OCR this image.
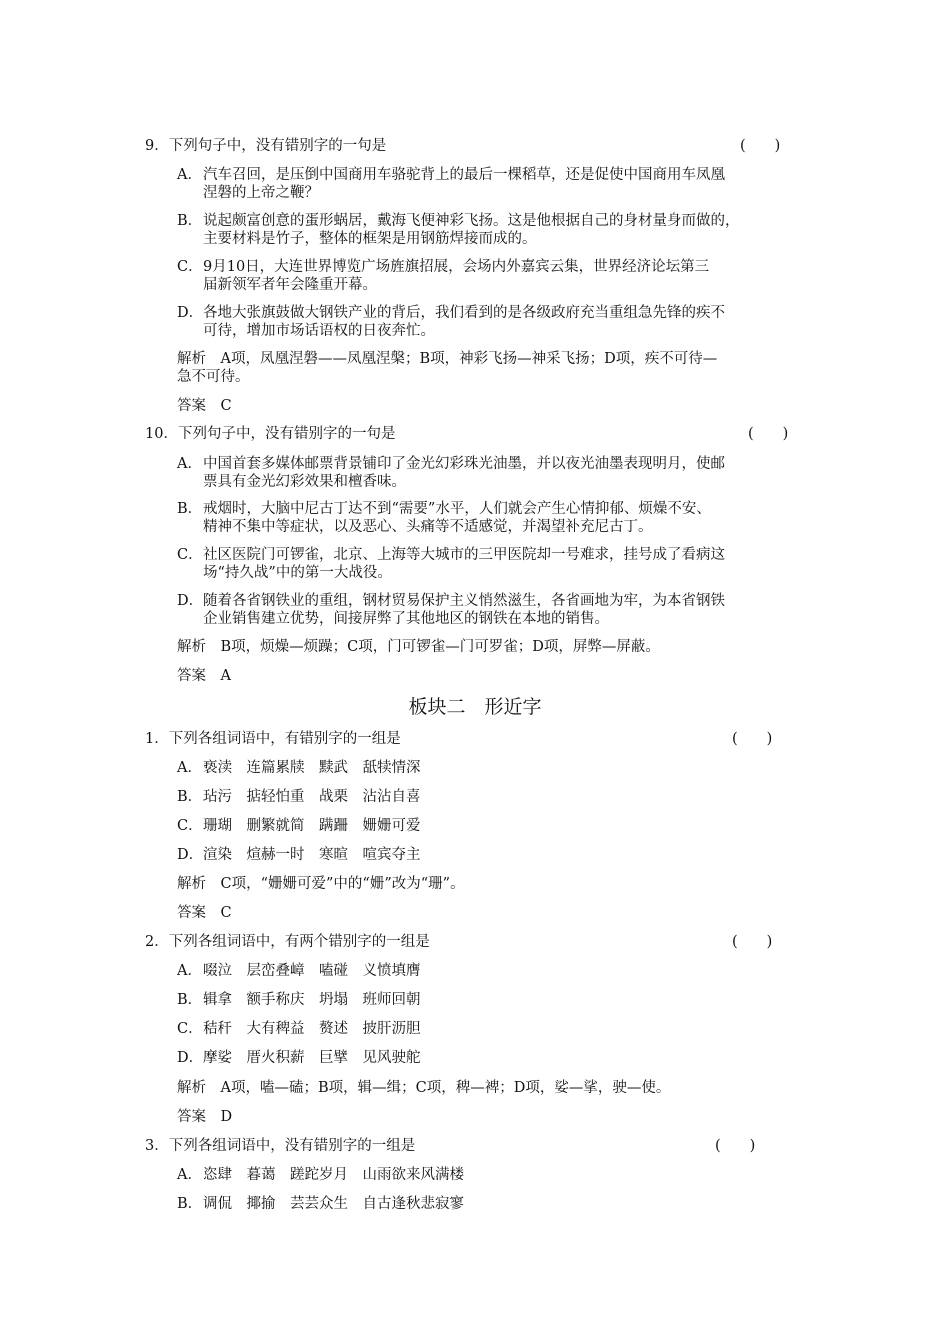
9．下列句子中，没有错别字的一句是	(　　)
A．汽车召回，是压倒中国商用车骆驼背上的最后一棵稻草，还是促使中国商用车凤凰
涅磐的上帝之鞭？
B．说起颇富创意的蛋形蜗居，戴海飞便神彩飞扬。这是他根据自己的身材量身而做的，
主要材料是竹子，整体的框架是用钢筋焊接而成的。
C．9月10日，大连世界博览广场旌旗招展，会场内外嘉宾云集，世界经济论坛第三
届新领军者年会隆重开幕。
D．各地大张旗鼓做大钢铁产业的背后，我们看到的是各级政府充当重组急先锋的疾不
可待，增加市场话语权的日夜奔忙。
解析　A项，凤凰涅磐——凤凰涅槃；B项，神彩飞扬—神采飞扬；D项，疾不可待—
急不可待。
答案　C
10．下列句子中，没有错别字的一句是	(　　)
A．中国首套多媒体邮票背景铺印了金光幻彩珠光油墨，并以夜光油墨表现明月，使邮
票具有金光幻彩效果和檀香味。
B．戒烟时，大脑中尼古丁达不到“需要”水平，人们就会产生心情抑郁、烦燥不安、
精神不集中等症状，以及恶心、头痛等不适感觉，并渴望补充尼古丁。
C．社区医院门可锣雀，北京、上海等大城市的三甲医院却一号难求，挂号成了看病这
场“持久战”中的第一大战役。
D．随着各省钢铁业的重组，钢材贸易保护主义悄然滋生，各省画地为牢，为本省钢铁
企业销售建立优势，间接屏弊了其他地区的钢铁在本地的销售。
解析　B项，烦燥—烦躁；C项，门可锣雀—门可罗雀；D项，屏弊—屏蔽。
答案　A
板块二　形近字
1．下列各组词语中，有错别字的一组是	(　　)
A．亵渎　连篇累牍　黩武　舐犊情深
B．玷污　掂轻怕重　战栗　沾沾自喜
C．珊瑚　删繁就简　蹒跚　姗姗可爱
D．渲染　煊赫一时　寒暄　喧宾夺主
解析　C项，“姗姗可爱”中的“姗”改为“珊”。
答案　C
2．下列各组词语中，有两个错别字的一组是	(　　)
A．啜泣　层峦叠嶂　嗑碰　义愤填膺
B．辑拿　额手称庆　坍塌　班师回朝
C．秸秆　大有稗益　赘述　披肝沥胆
D．摩娑　厝火积薪　巨擘　见风驶舵
解析　A项，嗑—磕；B项，辑—缉；C项，稗—裨；D项，娑—挲，驶—使。
答案　D
3．下列各组词语中，没有错别字的一组是	(　　)
A．恣肆　暮蔼　蹉跎岁月　山雨欲来风满楼
B．调侃　揶揄　芸芸众生　自古逢秋悲寂寥
